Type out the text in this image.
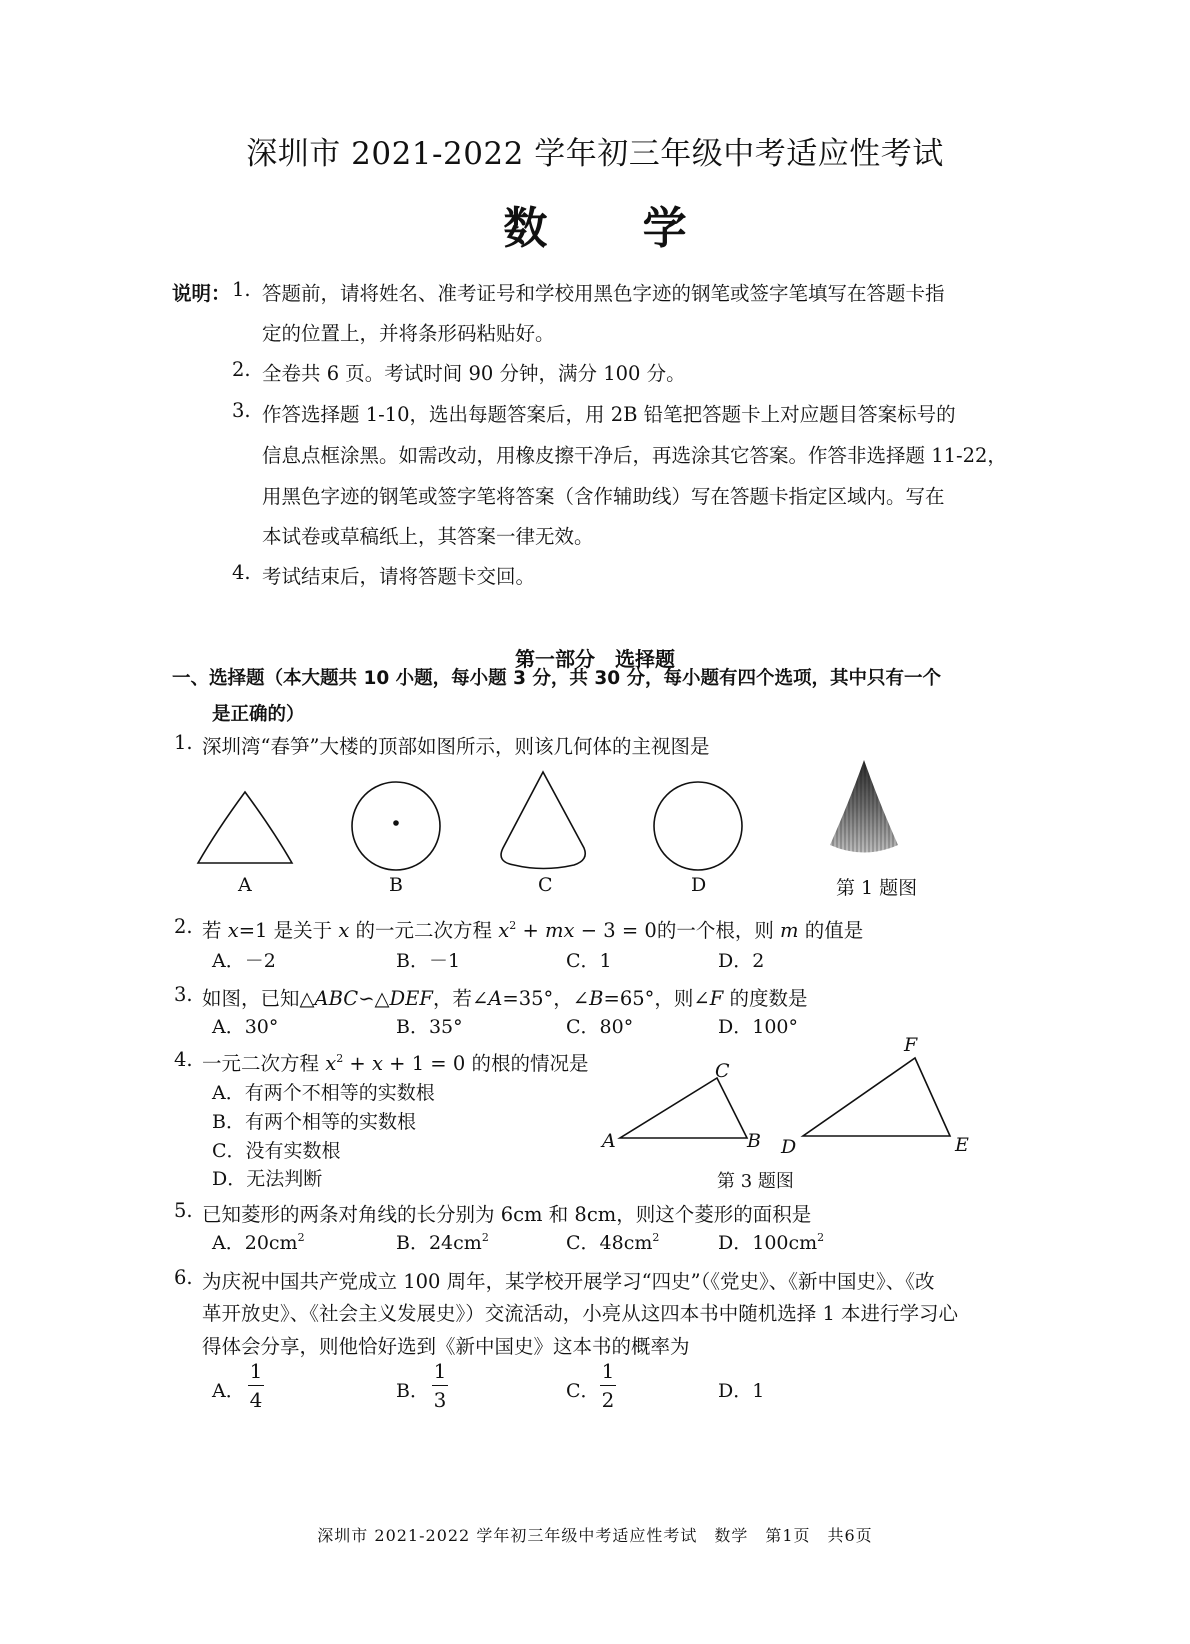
深圳市 2021-2022 学年初三年级中考适应性考试
数 学
说明： 1. 答题前，请将姓名、准考证号和学校用黑色字迹的钢笔或签字笔填写在答题卡指
定的位置上，并将条形码粘贴好。
2. 全卷共 6 页。考试时间 90 分钟，满分 100 分。
3. 作答选择题 1-10，选出每题答案后，用 2B 铅笔把答题卡上对应题目答案标号的
信息点框涂黑。如需改动，用橡皮擦干净后，再选涂其它答案。作答非选择题 11-22，
用黑色字迹的钢笔或签字笔将答案（含作辅助线）写在答题卡指定区域内。写在
本试卷或草稿纸上，其答案一律无效。
4. 考试结束后，请将答题卡交回。
第一部分　选择题
一、选择题（本大题共 10 小题，每小题 3 分，共 30 分，每小题有四个选项，其中只有一个
是正确的）
1. 深圳湾“春笋”大楼的顶部如图所示，则该几何体的主视图是
A	B	C	D	第 1 题图
2. 若 x=1 是关于 x 的一元二次方程 $x^2$ + mx − 3 = 0的一个根，则 m 的值是
A．－2	B．－1	C．1	D．2
3. 如图，已知△ABC∽△DEF，若∠A=35°，∠B=65°，则∠F 的度数是
A．30°	B．35°	C．80°	D．100°
A	B
C
D	E
F
第 3 题图
4. 一元二次方程 $x^2 + x + 1 = 0$ 的根的情况是
A．有两个不相等的实数根
B．有两个相等的实数根
C．没有实数根
D．无法判断
5. 已知菱形的两条对角线的长分别为 6cm 和 8cm，则这个菱形的面积是
A．$20cm^2$	B．$24cm^2$	C．$48cm^2$	D．$100cm^2$
6. 为庆祝中国共产党成立 100 周年，某学校开展学习“四史”（《党史》、《新中国史》、《改
革开放史》、《社会主义发展史》）交流活动，小亮从这四本书中随机选择 1 本进行学习心
得体会分享，则他恰好选到《新中国史》这本书的概率为
A．
1
4	B．
1
3	C．
1
2	D．1
深圳市 2021-2022 学年初三年级中考适应性考试　数学　第1页　共6页
